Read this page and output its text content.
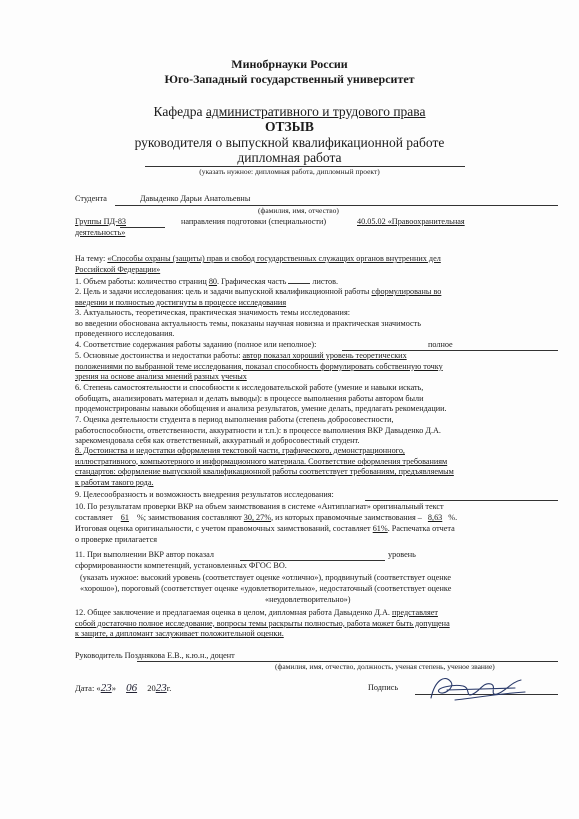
Минобрнауки России
Юго-Западный государственный университет
Кафедра административного и трудового права
ОТЗЫВ
руководителя о выпускной квалификационной работе
дипломная работа
(указать нужное: дипломная работа, дипломный проект)
Студента	Давыденко Дарьи Анатольевны
(фамилия, имя, отчество)
Группы ПД-83	направления подготовки (специальности)	40.05.02 «Правоохранительная
деятельность»
На тему: «Способы охраны (защиты) прав и свобод государственных служащих органов внутренних дел
Российской Федерации»
1. Объем работы: количество страниц 80. Графическая часть	листов.
2. Цель и задачи исследования: цель и задачи выпускной квалификационной работы сформулированы во
введении и полностью достигнуты в процессе исследования
3. Актуальность, теоретическая, практическая значимость темы исследования:
во введении обоснована актуальность темы, показаны научная новизна и практическая значимость
проведенного исследования.
4. Соответствие содержания работы заданию (полное или неполное):	полное
5. Основные достоинства и недостатки работы: автор показал хороший уровень теоретических
положениями по выбранной теме исследования, показал способность формулировать собственную точку
зрения на основе анализа мнений разных ученых
6. Степень самостоятельности и способности к исследовательской работе (умение и навыки искать,
обобщать, анализировать материал и делать выводы): в процессе выполнения работы автором были
продемонстрированы навыки обобщения и анализа результатов, умение делать, предлагать рекомендации.
7. Оценка деятельности студента в период выполнения работы (степень добросовестности,
работоспособности, ответственности, аккуратности и т.п.): в процессе выполнения ВКР Давыденко Д.А.
зарекомендовала себя как ответственный, аккуратный и добросовестный студент.
8. Достоинства и недостатки оформления текстовой части, графического, демонстрационного,
иллюстративного, компьютерного и информационного материала. Соответствие оформления требованиям
стандартов: оформление выпускной квалификационной работы соответствует требованиям, предъявляемым
к работам такого рода.
9. Целесообразность и возможность внедрения результатов исследования:
10. По результатам проверки ВКР на объем заимствования в системе «Антиплагиат» оригинальный текст
составляет 61 %; заимствования составляют 30, 27%, из которых правомочные заимствования – 8,63 %.
Итоговая оценка оригинальности, с учетом правомочных заимствований, составляет 61%. Распечатка отчета
о проверке прилагается
11. При выполнении ВКР автор показал	уровень
сформированности компетенций, установленных ФГОС ВО.
(указать нужное: высокий уровень (соответствует оценке «отлично»), продвинутый (соответствует оценке
«хорошо»), пороговый (соответствует оценке «удовлетворительно», недостаточный (соответствует оценке
«неудовлетворительно»)
12. Общее заключение и предлагаемая оценка в целом, дипломная работа Давыденко Д.А. представляет
собой достаточно полное исследование, вопросы темы раскрыты полностью, работа может быть допущена
к защите, а дипломант заслуживает положительной оценки.
Руководитель Позднякова Е.В., к.ю.н., доцент
(фамилия, имя, отчество, должность, ученая степень, ученое звание)
Дата: «23» 06 2023г.	Подпись
